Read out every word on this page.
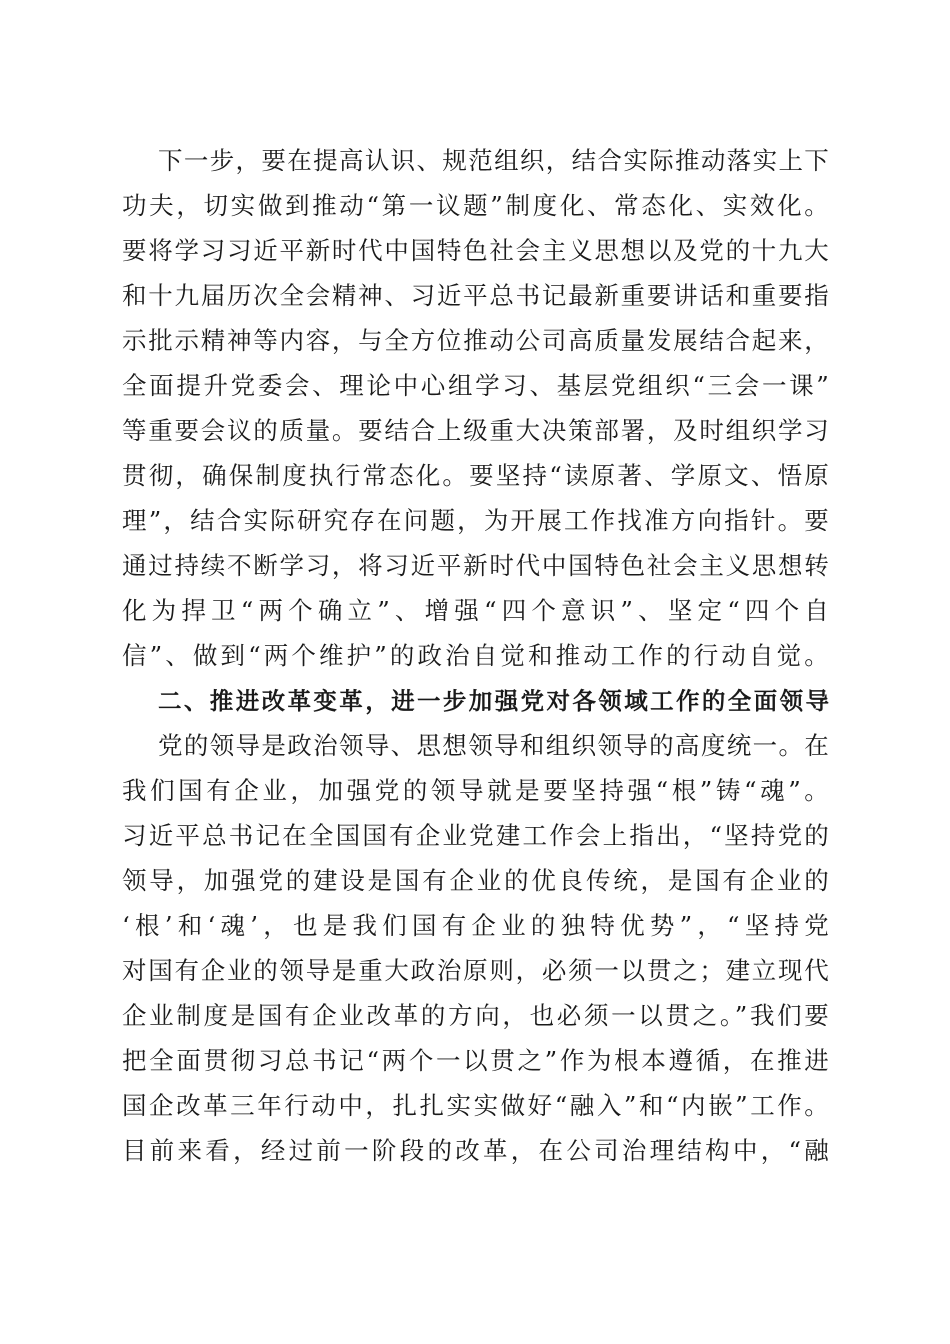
下一步，要在提高认识、规范组织，结合实际推动落实上下
功夫，切实做到推动“第一议题”制度化、常态化、实效化。
要将学习习近平新时代中国特色社会主义思想以及党的十九大
和十九届历次全会精神、习近平总书记最新重要讲话和重要指
示批示精神等内容，与全方位推动公司高质量发展结合起来，
全面提升党委会、理论中心组学习、基层党组织“三会一课”
等重要会议的质量。要结合上级重大决策部署，及时组织学习
贯彻，确保制度执行常态化。要坚持“读原著、学原文、悟原
理”，结合实际研究存在问题，为开展工作找准方向指针。要
通过持续不断学习，将习近平新时代中国特色社会主义思想转
化为捍卫“两个确立”、增强“四个意识”、坚定“四个自
信”、做到“两个维护”的政治自觉和推动工作的行动自觉。
二、推进改革变革，进一步加强党对各领域工作的全面领导
党的领导是政治领导、思想领导和组织领导的高度统一。在
我们国有企业，加强党的领导就是要坚持强“根”铸“魂”。
习近平总书记在全国国有企业党建工作会上指出，“坚持党的
领导，加强党的建设是国有企业的优良传统，是国有企业的
‘根’和‘魂’，也是我们国有企业的独特优势”，“坚持党
对国有企业的领导是重大政治原则，必须一以贯之；建立现代
企业制度是国有企业改革的方向，也必须一以贯之。”我们要
把全面贯彻习总书记“两个一以贯之”作为根本遵循，在推进
国企改革三年行动中，扎扎实实做好“融入”和“内嵌”工作。
目前来看，经过前一阶段的改革，在公司治理结构中，“融
